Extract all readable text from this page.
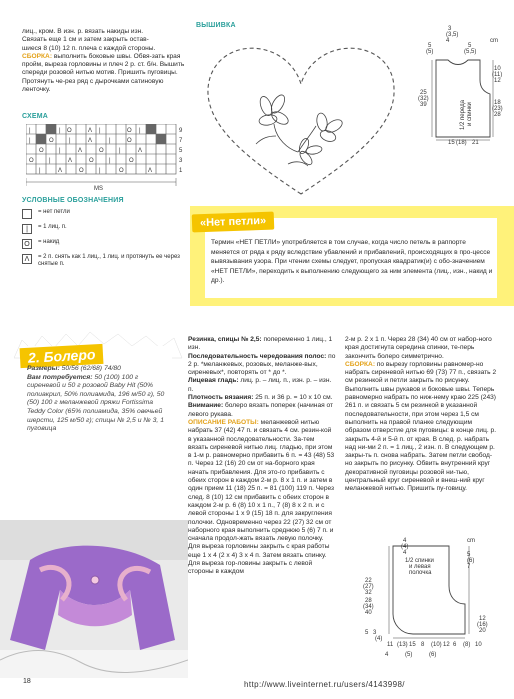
лиц., кром. В изн. р. вязать накиды изн.
Связать еще 1 см и затем закрыть остав-
шиеся 8 (10) 12 п. плеча с каждой стороны.
СБОРКА: выполнить боковые швы. Обвя-зать края пройм, выреза горловины и плеч 2 р. ст. б/н. Вышить спереди розовой нитью мотив. Пришить пуговицы. Протянуть че-рез ряд с дырочками сатиновую ленточку.
ВЫШИВКА	3
(3,5)
4	cm
5
(5)
5
(5,5)
10
(11)
12
25
(32)
39	18
(23)
28
15 (18) 21
1/2 переда и спинки
СХЕМА
|	| O	Λ |	O |
|	O	|	Λ	|	O
O	|	Λ	O	|	Λ
O	|	Λ	O	|	O
|	Λ	O	|	O	Λ
9
7
5
3
1
MS
УСЛОВНЫЕ ОБОЗНАЧЕНИЯ
= нет петли
|	= 1 лиц. п.
O	= накид
Λ	= 2 п. снять как 1 лиц., 1 лиц. и протянуть ее через снятые п.
«Нет петли»
Термин «НЕТ ПЕТЛИ» употребляется в том случае, когда число петель в раппорте меняется от ряда к ряду вследствие убавлений и прибавлений, происходящих в про-цессе вывязывания узора. При чтении схемы следует, пропуская квадратик(и) с обо-значением «НЕТ ПЕТЛИ», переходить к выполнению следующего за ним элемента (лиц., изн., накид и др.).
2. Болеро
Размеры: 50/56 (62/68) 74/80
Вам потребуется: 50 (100) 100 г сиреневой и 50 г розовой Baby Hit (50% полиакрил, 50% полиамида, 196 м/50 г), 50 (50) 100 г меланжевой пряжи Fortissima Teddy Color (65% полиамида, 35% овечьей шерсти, 125 м/50 г); спицы № 2,5 и № 3, 1 пуговица
Резинка, спицы № 2,5: попеременно 1 лиц., 1 изн.
Последовательность чередования полос: по 2 р. *меланжевых, розовых, меланже-вых, сиреневых*, повторять от * до *.
Лицевая гладь: лиц. р. – лиц. п., изн. р. – изн. п.
Плотность вязания: 25 п. и 36 р. = 10 х 10 см.
Внимание: болеро вязать поперек (начиная от левого рукава.
ОПИСАНИЕ РАБОТЫ: меланжевой нитью набрать 37 (42) 47 п. и связать 4 см. резин-кой в указанной последовательности. За-тем вязать сиреневой нитью лиц. гладью, при этом в 1-м р. равномерно прибавить 6 п. = 43 (48) 53 п. Через 12 (16) 20 см от на-борного края начать прибавления. Для это-го прибавить с обеих сторон в каждом 2-м р. 8 х 1 п. и затем в один прием 11 (18) 25 п. = 81 (100) 119 п. Через след. 8 (10) 12 см прибавить с обеих сторон в каждом 2-м р. 6 (8) 10 х 1 п., 7 (8) 8 х 2 п. и с левой стороны 1 х 9 (15) 18 п. для закругления полочки. Одновременно через 22 (27) 32 см от наборного края выполнить среднюю 5 (6) 7 п. и сначала продол-жать вязать левую полочку. Для выреза горловины закрыть с края работы еще 1 х 4 (2 х 4) 3 х 4 п. Затем вязать спинку. Для выреза гор-ловины закрыть с левой стороны в каждом
2-м р. 2 х 1 п. Через 28 (34) 40 см от набор-ного края достигнута середина спинки, те-перь закончить болеро симметрично.
СБОРКА: по вырезу горловины равномер-но набрать сиреневой нитью 69 (73) 77 п., связать 2 см резинкой и петли закрыть по рисунку. Выполнить швы рукавов и боковые швы. Теперь равномерно набрать по ниж-нему краю 225 (243) 261 п. и связать 5 см резинкой в указанной последовательности, при этом через 1,5 см выполнить на правой планке следующим образом отверстие для пуговицы: в конце лиц. р. закрыть 4-й и 5-й п. от края. В след. р. набрать над ни-ми 2 п. = 1 лиц., 2 изн. п. В следующем р. закры-ть п. снова набрать. Затем петли свобод-но закрыть по рисунку. Обвить внутренний круг декоративной пуговицы розовой ни-тью, центральный круг сиреневой и внеш-ний круг меланжевой нитью. Пришить пу-говицу.
4
(4)
4
cm
1/2 спинки
и левая
полочка
5
(6)
7
22
(27)
32
28
(34)
40
11 (13) 15 8 (10) 12 6 (8) 10
3
(4)
5
12
(16)
20
4	(5)	(6)
18	http://www.liveinternet.ru/users/4143998/
